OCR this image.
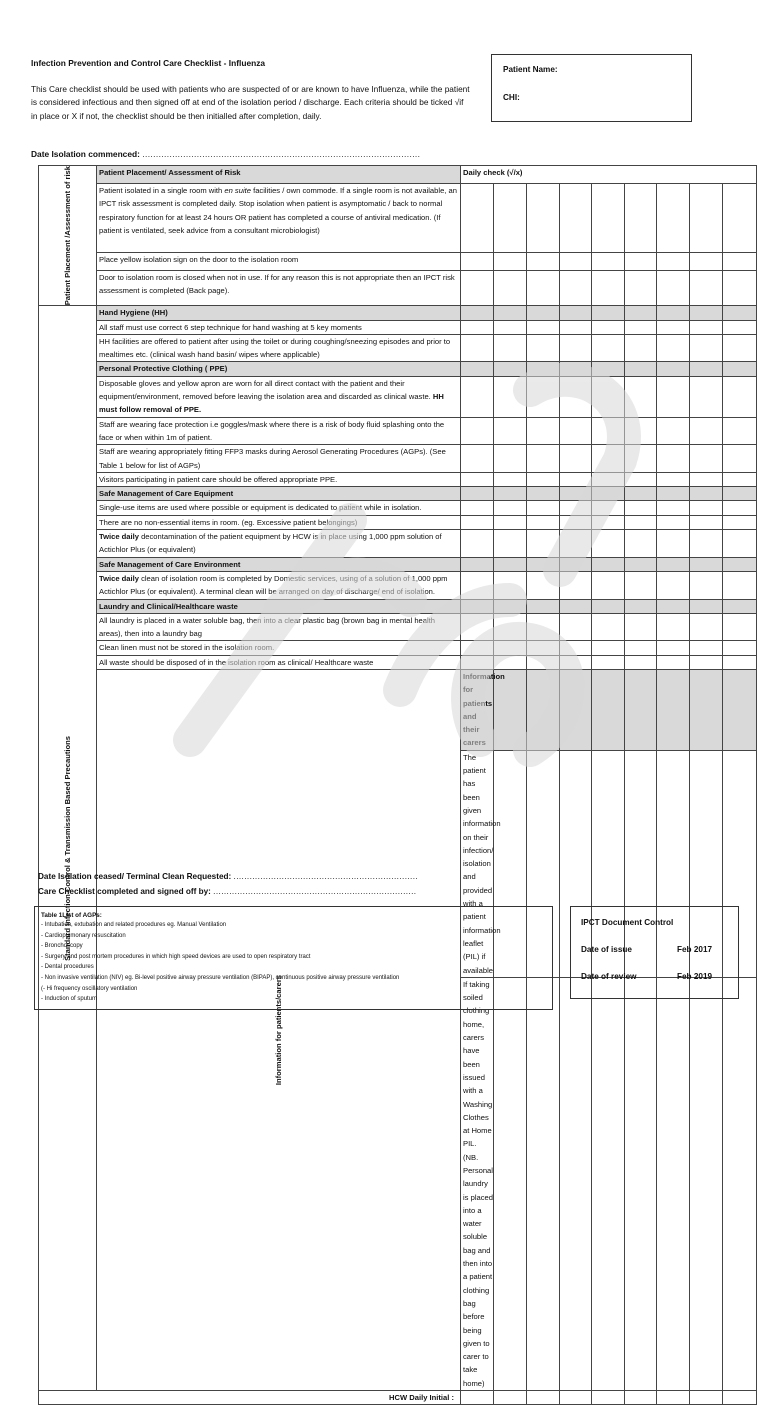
Infection Prevention and Control Care Checklist - Influenza
This Care checklist should be used with patients who are suspected of or are known to have Influenza, while the patient is considered infectious and then signed off at end of the isolation period / discharge. Each criteria should be ticked √if in place or X if not, the checklist should be then initialled after completion, daily.
Patient Name:
CHI:
Date Isolation commenced: ......................................................................................................
Patient Placement /Assessment of risk	Patient Placement/ Assessment of Risk	Daily check (√/x)									
	Patient isolated in a single room with en suite facilities / own commode. If a single room is not available, an IPCT risk assessment is completed daily. Stop isolation when patient is asymptomatic / back to normal respiratory function for at least 24 hours OR patient has completed a course of antiviral medication. (If patient is ventilated, seek advice from a consultant microbiologist)										
	Place yellow isolation sign on the door to the isolation room										
	Door to isolation room is closed when not in use. If for any reason this is not appropriate then an IPCT risk assessment is completed (Back page).										

Standard Infection Control & Transmission Based Precautions	Hand Hygiene (HH)										
	All staff must use correct 6 step technique for hand washing at 5 key moments										
	HH facilities are offered to patient after using the toilet or during coughing/sneezing episodes and prior to mealtimes etc. (clinical wash hand basin/ wipes where applicable)										
	Personal Protective Clothing ( PPE)										
	Disposable gloves and yellow apron are worn for all direct contact with the patient and their equipment/environment, removed before leaving the isolation area and discarded as clinical waste. HH must follow removal of PPE.										
	Staff are wearing face protection i.e goggles/mask where there is a risk of body fluid splashing onto the face or when within 1m of patient.										
	Staff are wearing appropriately fitting FFP3 masks during Aerosol Generating Procedures (AGPs). (See Table 1 below for list of AGPs)										
	Visitors participating in patient care should be offered appropriate PPE.										
	Safe Management of Care Equipment										
	Single-use items are used where possible or equipment is dedicated to patient while in isolation.										
	There are no non-essential items in room. (eg. Excessive patient belongings)										
	Twice daily decontamination of the patient equipment by HCW is in place using 1,000 ppm solution of Actichlor Plus (or equivalent)										
	Safe Management of Care Environment										
	Twice daily clean of isolation room is completed by Domestic services, using of a solution of 1,000 ppm Actichlor Plus (or equivalent). A terminal clean will be arranged on day of discharge/ end of isolation.										
	Laundry and Clinical/Healthcare waste										
	All laundry is placed in a water soluble bag, then into a clear plastic bag (brown bag in mental health areas), then into a laundry bag										
	Clean linen must not be stored in the isolation room.										
	All waste should be disposed of in the isolation room as clinical/ Healthcare waste										

	Information for patients/carers	Information for patients and their carers									
		The patient has been given information on their infection/ isolation and provided with a patient information leaflet (PIL) if available									
		If taking soiled clothing home, carers have been issued with a Washing Clothes at Home PIL. (NB. Personal laundry is placed into a water soluble bag and then into a patient clothing bag before being given to carer to take home)									
HCW Daily Initial :											
Date Isolation ceased/ Terminal Clean Requested: .....................................................................
Care Checklist completed and signed off by: ............................................................................
Table 1List of AGPs:
- Intubation, extubation and related procedures eg. Manual Ventilation
- Cardiopulmonary resuscitation
- Bronchoscopy
- Surgery and post mortem procedures in which high speed devices are used to open respiratory tract
- Dental procedures
- Non invasive ventilation (NIV) eg. Bi-level positive airway pressure ventilation (BIPAP), continuous positive airway pressure ventilation
(- Hi frequency oscillatory ventilation
- Induction of sputum
IPCT Document Control
Date of issue	Feb 2017
Date of review	Feb 2019
